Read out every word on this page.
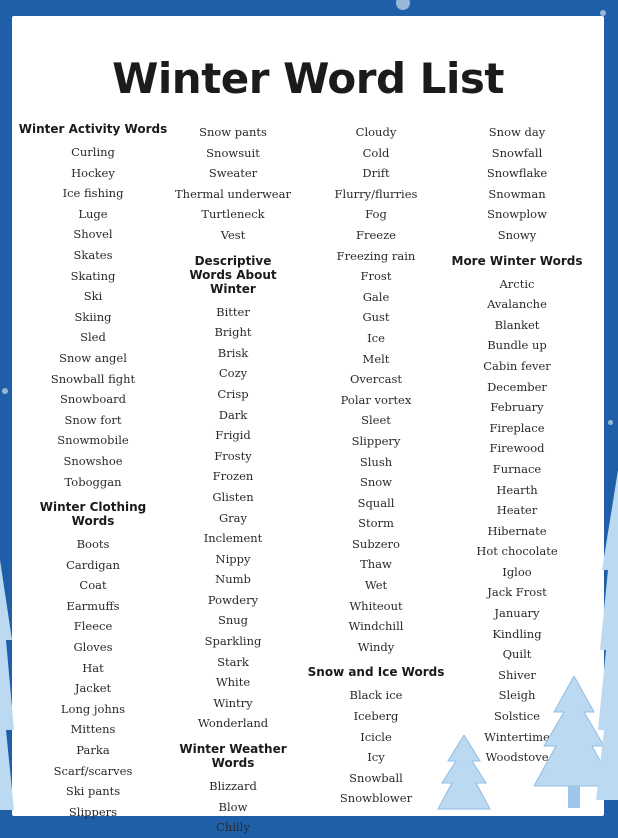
Winter Word List
Winter Activity Words
Curling
Hockey
Ice fishing
Luge
Shovel
Skates
Skating
Ski
Skiing
Sled
Snow angel
Snowball fight
Snowboard
Snow fort
Snowmobile
Snowshoe
Toboggan
Winter Clothing Words
Boots
Cardigan
Coat
Earmuffs
Fleece
Gloves
Hat
Jacket
Long johns
Mittens
Parka
Scarf/scarves
Ski pants
Slippers
Snow pants
Snowsuit
Sweater
Thermal underwear
Turtleneck
Vest
Descriptive Words About Winter
Bitter
Bright
Brisk
Cozy
Crisp
Dark
Frigid
Frosty
Frozen
Glisten
Gray
Inclement
Nippy
Numb
Powdery
Snug
Sparkling
Stark
White
Wintry
Wonderland
Winter Weather Words
Blizzard
Blow
Chilly
Cloudy
Cold
Drift
Flurry/flurries
Fog
Freeze
Freezing rain
Frost
Gale
Gust
Ice
Melt
Overcast
Polar vortex
Sleet
Slippery
Slush
Snow
Squall
Storm
Subzero
Thaw
Wet
Whiteout
Windchill
Windy
Snow and Ice Words
Black ice
Iceberg
Icicle
Icy
Snowball
Snowblower
Snow day
Snowfall
Snowflake
Snowman
Snowplow
Snowy
More Winter Words
Arctic
Avalanche
Blanket
Bundle up
Cabin fever
December
February
Fireplace
Firewood
Furnace
Hearth
Heater
Hibernate
Hot chocolate
Igloo
Jack Frost
January
Kindling
Quilt
Shiver
Sleigh
Solstice
Wintertime
Woodstove
